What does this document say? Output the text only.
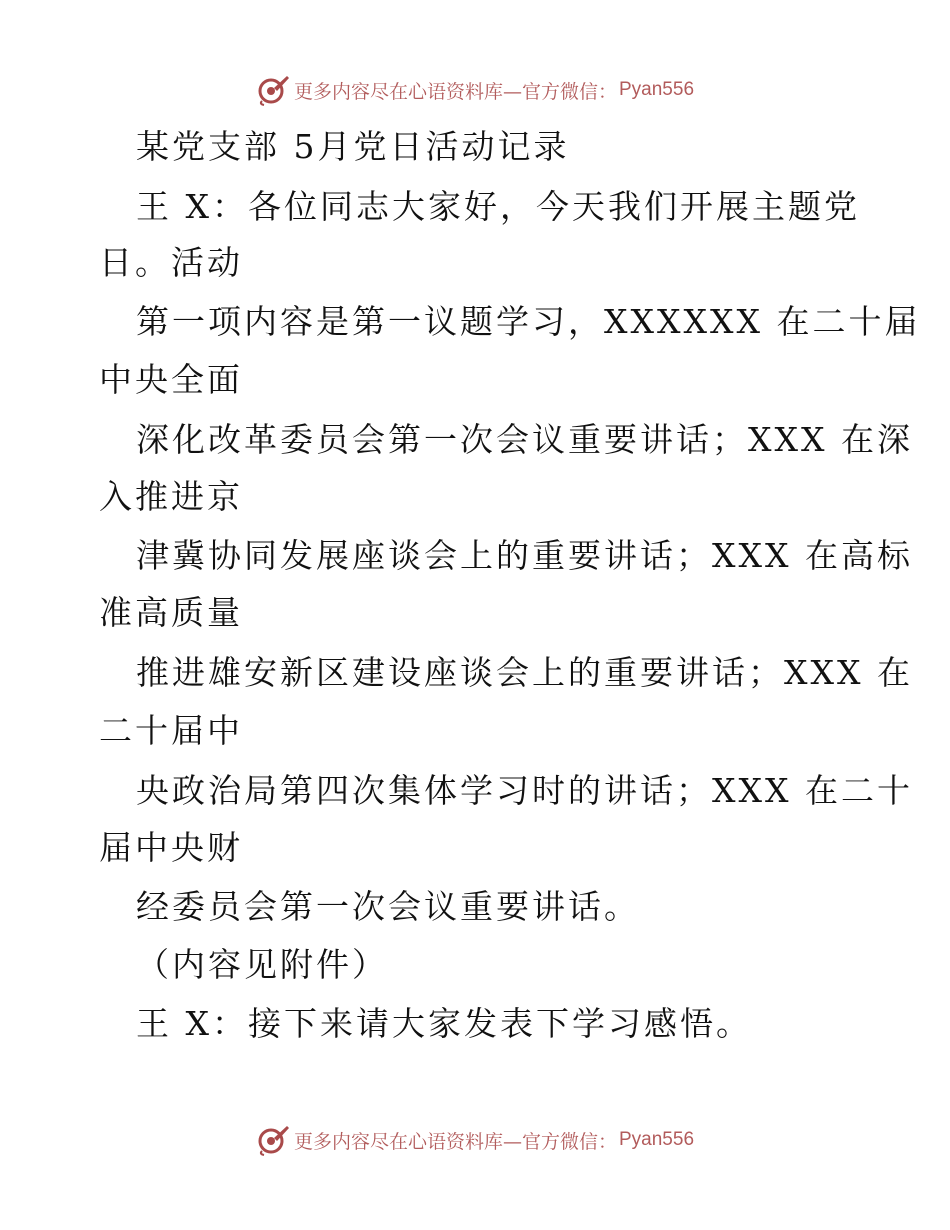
更多内容尽在心语资料库—官方微信： Pyan556
某党支部 5月党日活动记录
王 X：各位同志大家好，今天我们开展主题党
日。活动
第一项内容是第一议题学习，XXXXXX 在二十届
中央全面
深化改革委员会第一次会议重要讲话；XXX 在深
入推进京
津冀协同发展座谈会上的重要讲话；XXX 在高标
准高质量
推进雄安新区建设座谈会上的重要讲话；XXX 在
二十届中
央政治局第四次集体学习时的讲话；XXX 在二十
届中央财
经委员会第一次会议重要讲话。
（内容见附件）
王 X：接下来请大家发表下学习感悟。
更多内容尽在心语资料库—官方微信： Pyan556
